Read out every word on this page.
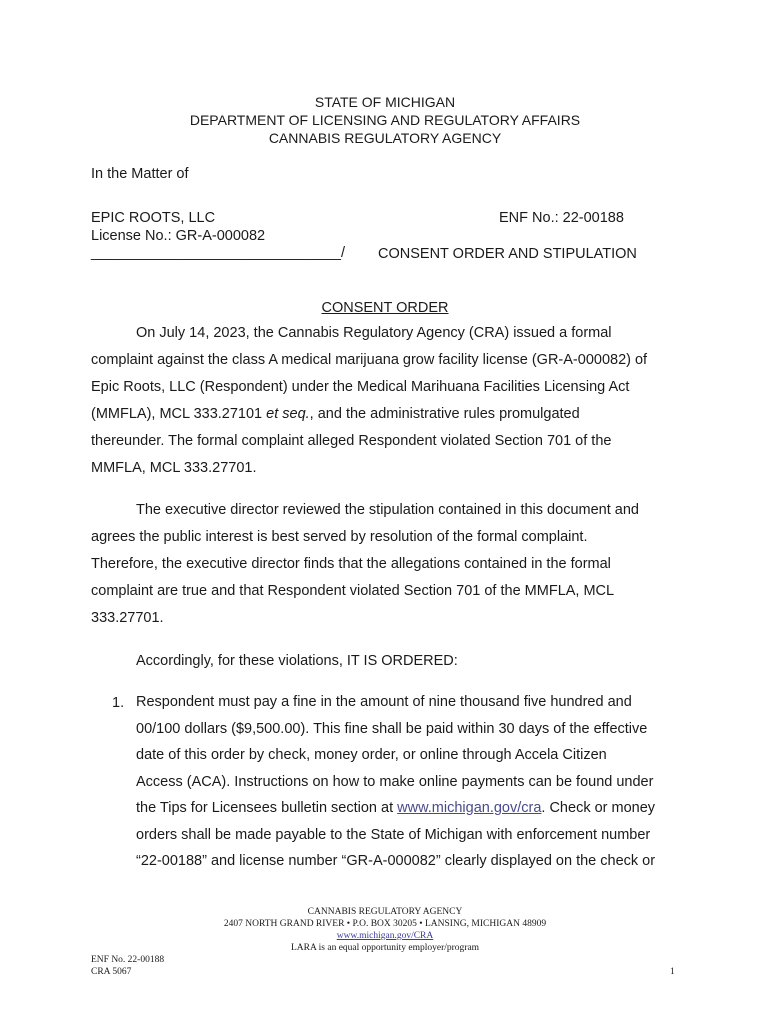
STATE OF MICHIGAN
DEPARTMENT OF LICENSING AND REGULATORY AFFAIRS
CANNABIS REGULATORY AGENCY
In the Matter of
EPIC ROOTS, LLC	ENF No.: 22-00188
License No.: GR-A-000082
_______________________________/ CONSENT ORDER AND STIPULATION
CONSENT ORDER
On July 14, 2023, the Cannabis Regulatory Agency (CRA) issued a formal
complaint against the class A medical marijuana grow facility license (GR-A-000082) of
Epic Roots, LLC (Respondent) under the Medical Marihuana Facilities Licensing Act
(MMFLA), MCL 333.27101 et seq., and the administrative rules promulgated
thereunder. The formal complaint alleged Respondent violated Section 701 of the
MMFLA, MCL 333.27701.
The executive director reviewed the stipulation contained in this document and
agrees the public interest is best served by resolution of the formal complaint.
Therefore, the executive director finds that the allegations contained in the formal
complaint are true and that Respondent violated Section 701 of the MMFLA, MCL
333.27701.
Accordingly, for these violations, IT IS ORDERED:
1. Respondent must pay a fine in the amount of nine thousand five hundred and
00/100 dollars ($9,500.00). This fine shall be paid within 30 days of the effective
date of this order by check, money order, or online through Accela Citizen
Access (ACA). Instructions on how to make online payments can be found under
the Tips for Licensees bulletin section at www.michigan.gov/cra. Check or money
orders shall be made payable to the State of Michigan with enforcement number
“22-00188” and license number “GR-A-000082” clearly displayed on the check or
CANNABIS REGULATORY AGENCY
2407 NORTH GRAND RIVER • P.O. BOX 30205 • LANSING, MICHIGAN 48909
www.michigan.gov/CRA
LARA is an equal opportunity employer/program
ENF No. 22-00188
CRA 5067	1
